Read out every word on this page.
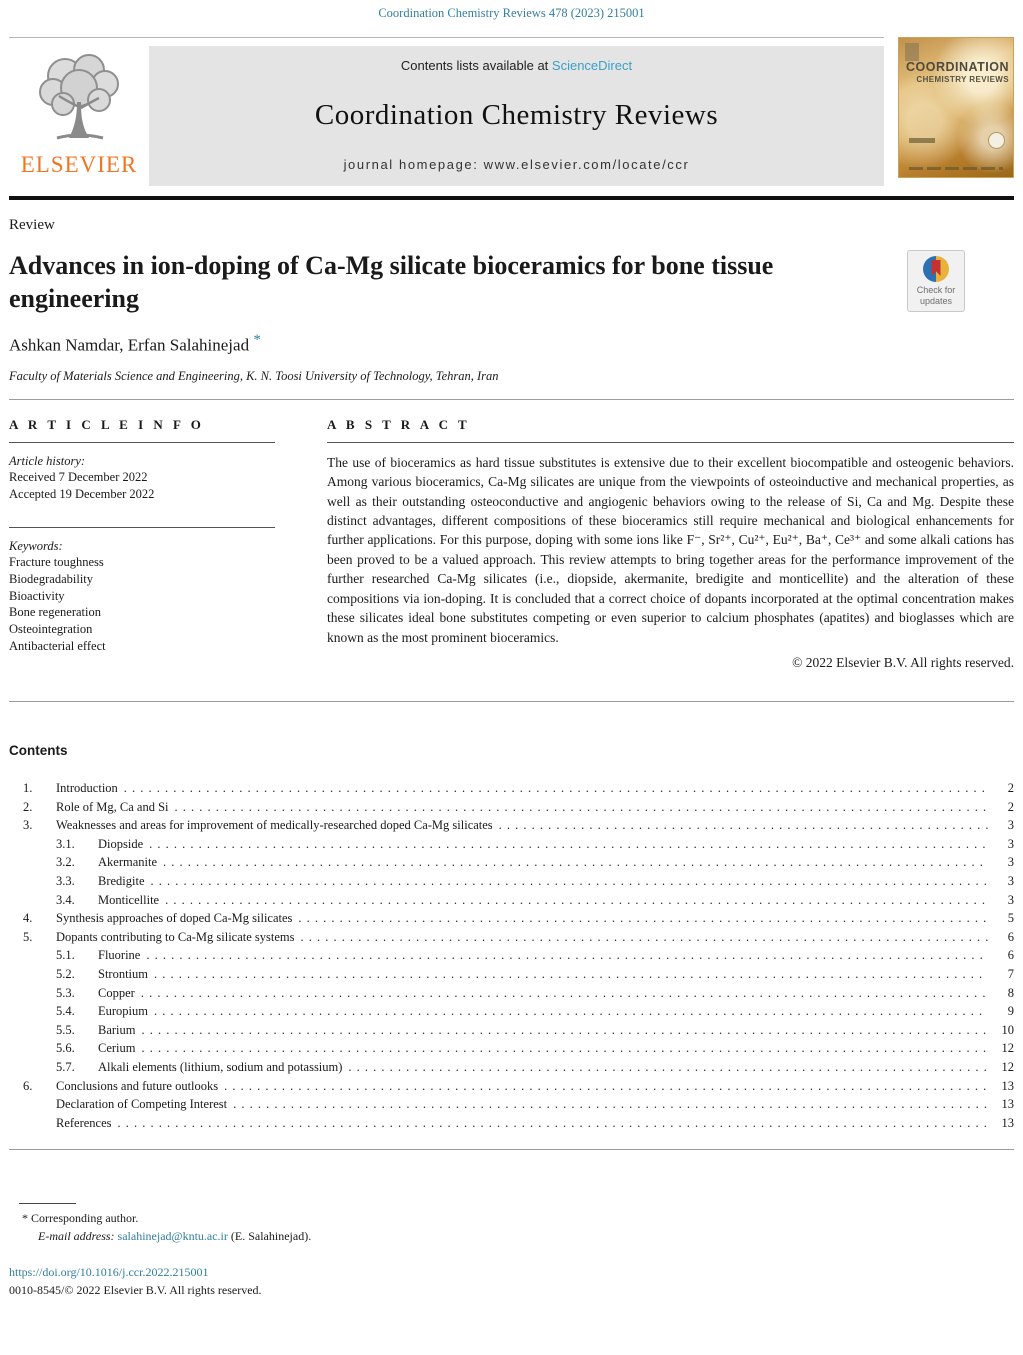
Coordination Chemistry Reviews 478 (2023) 215001
ELSEVIER
Contents lists available at ScienceDirect
Coordination Chemistry Reviews
journal homepage: www.elsevier.com/locate/ccr
COORDINATION
CHEMISTRY REVIEWS
Review
Advances in ion-doping of Ca-Mg silicate bioceramics for bone tissue engineering	Check for
updates
Ashkan Namdar, Erfan Salahinejad *
Faculty of Materials Science and Engineering, K. N. Toosi University of Technology, Tehran, Iran
A R T I C L E I N F O
Article history:
Received 7 December 2022
Accepted 19 December 2022
Keywords:
Fracture toughness
Biodegradability
Bioactivity
Bone regeneration
Osteointegration
Antibacterial effect
A B S T R A C T
The use of bioceramics as hard tissue substitutes is extensive due to their excellent biocompatible and osteogenic behaviors. Among various bioceramics, Ca-Mg silicates are unique from the viewpoints of osteoinductive and mechanical properties, as well as their outstanding osteoconductive and angiogenic behaviors owing to the release of Si, Ca and Mg. Despite these distinct advantages, different compositions of these bioceramics still require mechanical and biological enhancements for further applications. For this purpose, doping with some ions like F⁻, Sr²⁺, Cu²⁺, Eu²⁺, Ba⁺, Ce³⁺ and some alkali cations has been proved to be a valued approach. This review attempts to bring together areas for the performance improvement of the further researched Ca-Mg silicates (i.e., diopside, akermanite, bredigite and monticellite) and the alteration of these compositions via ion-doping. It is concluded that a correct choice of dopants incorporated at the optimal concentration makes these silicates ideal bone substitutes competing or even superior to calcium phosphates (apatites) and bioglasses which are known as the most prominent bioceramics.
© 2022 Elsevier B.V. All rights reserved.
Contents
1.	Introduction . . .	2
2.	Role of Mg, Ca and Si . . .	2
3.	Weaknesses and areas for improvement of medically-researched doped Ca-Mg silicates . . .	3
3.1.	Diopside . . .	3
3.2.	Akermanite . . .	3
3.3.	Bredigite . . .	3
3.4.	Monticellite . . .	3
4.	Synthesis approaches of doped Ca-Mg silicates . . .	5
5.	Dopants contributing to Ca-Mg silicate systems . . .	6
5.1.	Fluorine . . .	6
5.2.	Strontium . . .	7
5.3.	Copper . . .	8
5.4.	Europium . . .	9
5.5.	Barium . . .	10
5.6.	Cerium . . .	12
5.7.	Alkali elements (lithium, sodium and potassium) . . .	12
6.	Conclusions and future outlooks . . .	13
Declaration of Competing Interest . . .	13
References . . .	13
* Corresponding author.
E-mail address: salahinejad@kntu.ac.ir (E. Salahinejad).
https://doi.org/10.1016/j.ccr.2022.215001
0010-8545/© 2022 Elsevier B.V. All rights reserved.
